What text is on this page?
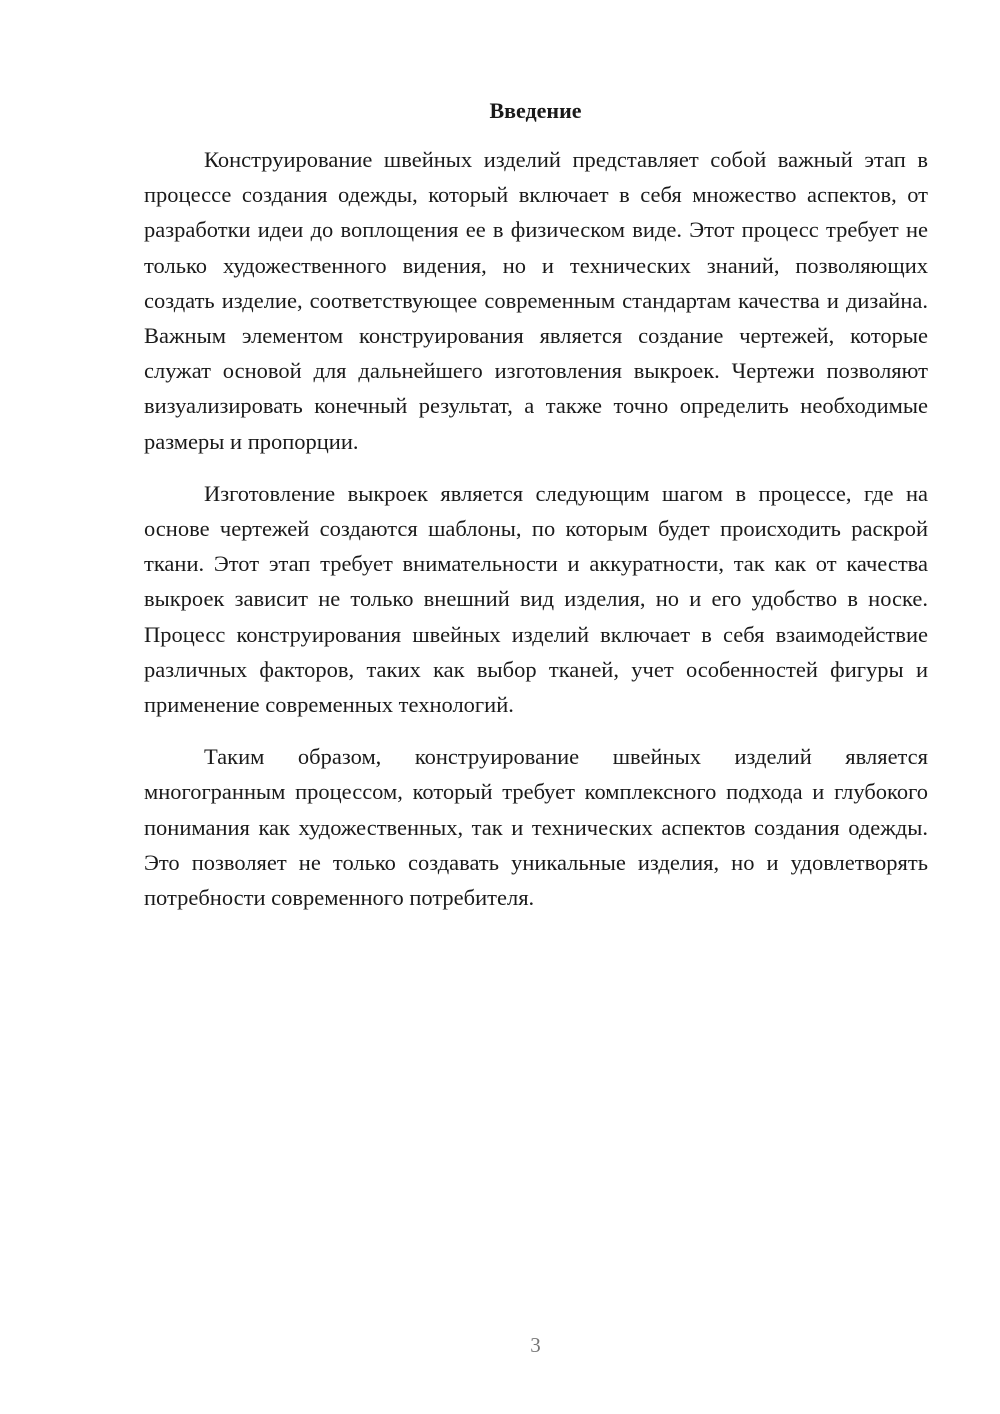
Введение

Конструирование швейных изделий представляет собой важный этап в процессе создания одежды, который включает в себя множество аспектов, от разработки идеи до воплощения ее в физическом виде. Этот процесс требует не только художественного видения, но и технических знаний, позволяющих создать изделие, соответствующее современным стандартам качества и дизайна. Важным элементом конструирования является создание чертежей, которые служат основой для дальнейшего изготовления выкроек. Чертежи позволяют визуализировать конечный результат, а также точно определить необходимые размеры и пропорции.

Изготовление выкроек является следующим шагом в процессе, где на основе чертежей создаются шаблоны, по которым будет происходить раскрой ткани. Этот этап требует внимательности и аккуратности, так как от качества выкроек зависит не только внешний вид изделия, но и его удобство в носке. Процесс конструирования швейных изделий включает в себя взаимодействие различных факторов, таких как выбор тканей, учет особенностей фигуры и применение современных технологий.

Таким образом, конструирование швейных изделий является многогранным процессом, который требует комплексного подхода и глубокого понимания как художественных, так и технических аспектов создания одежды. Это позволяет не только создавать уникальные изделия, но и удовлетворять потребности современного потребителя.

3
